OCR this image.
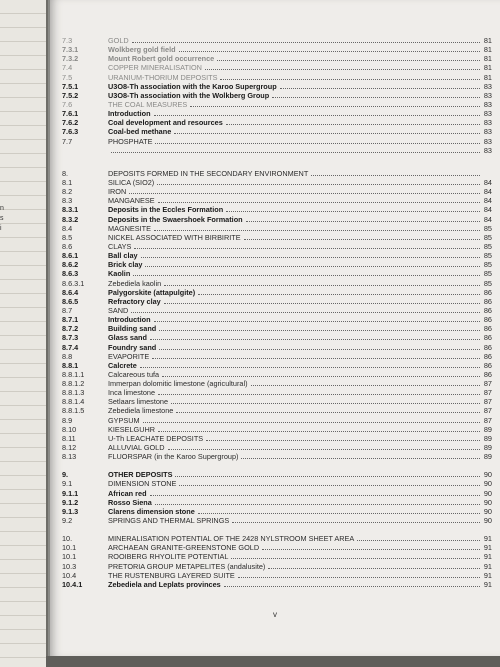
n
s
i
7.3	GOLD	81
7.3.1	Wolkberg gold field	81
7.3.2	Mount Robert gold occurrence	81
7.4	COPPER MINERALISATION	81
7.5	URANIUM-THORIUM DEPOSITS	81
7.5.1	U3O8-Th association with the Karoo Supergroup	83
7.5.2	U3O8-Th association with the Wolkberg Group	83
7.6	THE COAL MEASURES	83
7.6.1	Introduction	83
7.6.2	Coal development and resources	83
7.6.3	Coal-bed methane	83
7.7	PHOSPHATE	83
83
8.	DEPOSITS FORMED IN THE SECONDARY ENVIRONMENT
8.1	SILICA (SIO2)	84
8.2	IRON	84
8.3	MANGANESE	84
8.3.1	Deposits in the Eccles Formation	84
8.3.2	Deposits in the Swaershoek Formation	84
8.4	MAGNESITE	85
8.5	NICKEL ASSOCIATED WITH BIRBIRITE	85
8.6	CLAYS	85
8.6.1	Ball clay	85
8.6.2	Brick clay	85
8.6.3	Kaolin	85
8.6.3.1	Zebediela kaolin	85
8.6.4	Palygorskite (attapulgite)	86
8.6.5	Refractory clay	86
8.7	SAND	86
8.7.1	Introduction	86
8.7.2	Building sand	86
8.7.3	Glass sand	86
8.7.4	Foundry sand	86
8.8	EVAPORITE	86
8.8.1	Calcrete	86
8.8.1.1	Calcareous tufa	86
8.8.1.2	Immerpan dolomitic limestone (agricultural)	87
8.8.1.3	Inca limestone	87
8.8.1.4	Setlaars limestone	87
8.8.1.5	Zebediela limestone	87
8.9	GYPSUM	87
8.10	KIESELGUHR	89
8.11	U-Th LEACHATE DEPOSITS	89
8.12	ALLUVIAL GOLD	89
8.13	FLUORSPAR (in the Karoo Supergroup)	89
9.	OTHER DEPOSITS	90
9.1	DIMENSION STONE	90
9.1.1	African red	90
9.1.2	Rosso Siena	90
9.1.3	Clarens dimension stone	90
9.2	SPRINGS AND THERMAL SPRINGS	90
10.	MINERALISATION POTENTIAL OF THE 2428 NYLSTROOM SHEET AREA	91
10.1	ARCHAEAN GRANITE-GREENSTONE GOLD	91
10.1	ROOIBERG RHYOLITE POTENTIAL	91
10.3	PRETORIA GROUP METAPELITES (andalusite)	91
10.4	THE RUSTENBURG LAYERED SUITE	91
10.4.1	Zebediela and Leplats provinces	91
v
